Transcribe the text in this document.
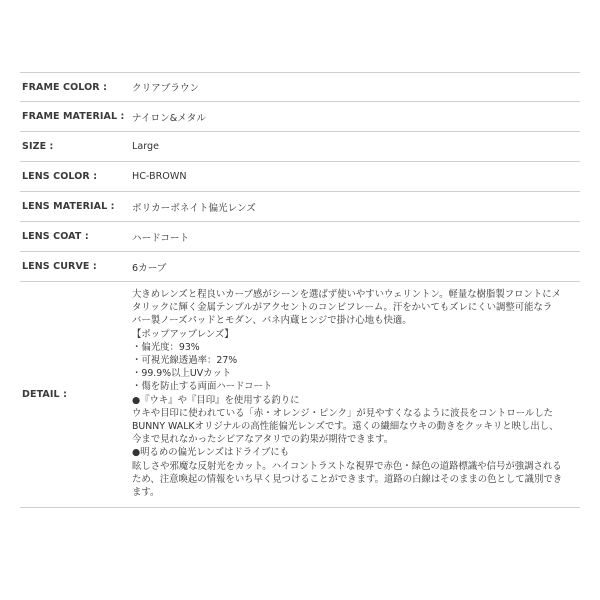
FRAME COLOR :	クリアブラウン
FRAME MATERIAL : ナイロン&メタル
SIZE :	Large
LENS COLOR :	HC-BROWN
LENS MATERIAL :	ポリカーボネイト偏光レンズ
LENS COAT :	ハードコート
LENS CURVE :	6カーブ
DETAIL :

大きめレンズと程良いカーブ感がシーンを選ばず使いやすいウェリントン。軽量な樹脂製フロントにメ

タリックに輝く金属テンプルがアクセントのコンビフレーム。汗をかいてもズレにくい調整可能なラ

バー製ノーズパッドとモダン、バネ内蔵ヒンジで掛け心地も快適。

【ポップアップレンズ】

・偏光度：93%

・可視光線透過率：27%

・99.9%以上UVカット

・傷を防止する両面ハードコート

●『ウキ』や『目印』を使用する釣りに

ウキや目印に使われている「赤・オレンジ・ピンク」が見やすくなるように波長をコントロールした

BUNNY WALKオリジナルの高性能偏光レンズです。遠くの繊細なウキの動きをクッキリと映し出し、

今まで見れなかったシビアなアタリでの釣果が期待できます。

●明るめの偏光レンズはドライブにも

眩しさや邪魔な反射光をカット。ハイコントラストな視界で赤色・緑色の道路標識や信号が強調される

ため、注意喚起の情報をいち早く見つけることができます。道路の白線はそのままの色として識別でき

ます。
